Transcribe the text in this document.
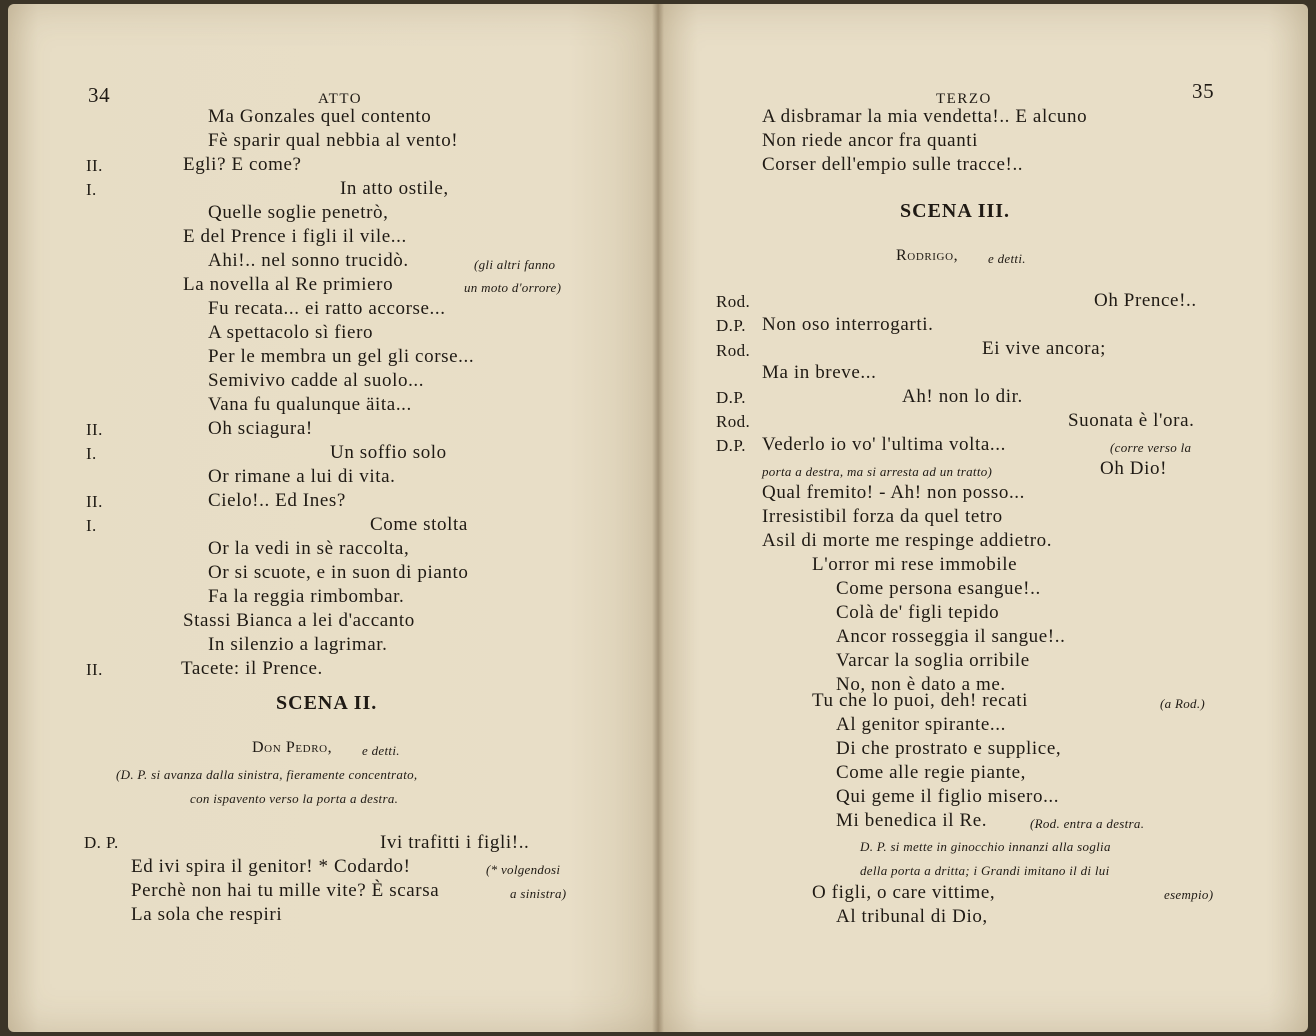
34	ATTO
Ma Gonzales quel contento
Fè sparir qual nebbia al vento!
II.	Egli? E come?
I.	In atto ostile,
Quelle soglie penetrò,
E del Prence i figli il vile...
Ahi!.. nel sonno trucidò.
La novella al Re primiero
Fu recata... ei ratto accorse...
A spettacolo sì fiero
Per le membra un gel gli corse...
Semivivo cadde al suolo...
Vana fu qualunque äita...
II.	Oh sciagura!
I.	Un soffio solo
Or rimane a lui di vita.
II.	Cielo!.. Ed Ines?
I.	Come stolta
Or la vedi in sè raccolta,
Or si scuote, e in suon di pianto
Fa la reggia rimbombar.
Stassi Bianca a lei d'accanto
In silenzio a lagrimar.
II.	Tacete: il Prence.
(gli altri fanno
un moto d'orrore)
SCENA II.
Don Pedro, e detti.
(D. P. si avanza dalla sinistra, fieramente concentrato,
con ispavento verso la porta a destra.
D. P.	Ivi trafitti i figli!..
Ed ivi spira il genitor! * Codardo!	(* volgendosi
Perchè non hai tu mille vite? È scarsa	a sinistra)
La sola che respiri
TERZO	35
A disbramar la mia vendetta!.. E alcuno
Non riede ancor fra quanti
Corser dell'empio sulle tracce!..
SCENA III.
Rodrigo, e detti.
Rod.	Oh Prence!..
D.P. Non oso interrogarti.
Rod.	Ei vive ancora;
Ma in breve...
D.P.	Ah! non lo dir.
Rod.	Suonata è l'ora.
D.P. Vederlo io vo' l'ultima volta...	(corre verso la
porta a destra, ma si arresta ad un tratto)	Oh Dio!
Qual fremito! - Ah! non posso...
Irresistibil forza da quel tetro
Asil di morte me respinge addietro.
L'orror mi rese immobile
Come persona esangue!..
Colà de' figli tepido
Ancor rosseggia il sangue!..
Varcar la soglia orribile
No, non è dato a me.
Tu che lo puoi, deh! recati
Al genitor spirante...
Di che prostrato e supplice,
Come alle regie piante,
Qui geme il figlio misero...
Mi benedica il Re.
O figli, o care vittime,
Al tribunal di Dio,
(a Rod.)
(Rod. entra a destra.
D. P. si mette in ginocchio innanzi alla soglia
della porta a dritta; i Grandi imitano il di lui
esempio)
